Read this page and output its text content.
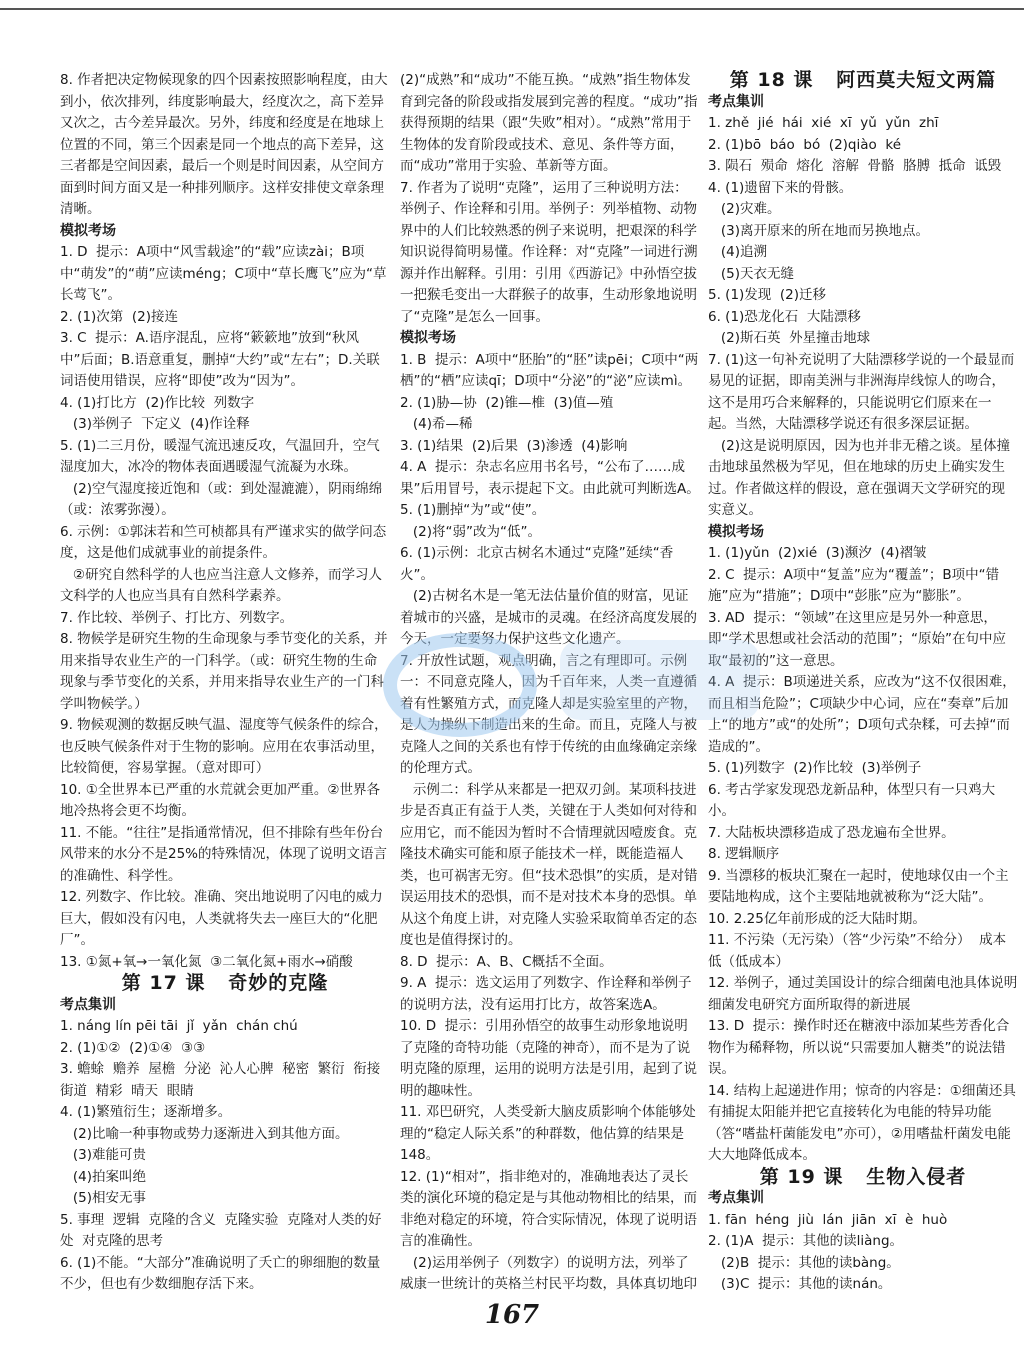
8. 作者把决定物候现象的四个因素按照影响程度，由大到小，依次排列，纬度影响最大，经度次之，高下差异又次之，古今差异最次。另外，纬度和经度是在地球上位置的不同，第三个因素是同一个地点的高下差异，这三者都是空间因素，最后一个则是时间因素，从空间方面到时间方面又是一种排列顺序。这样安排使文章条理清晰。

模拟考场

1. D  提示：A项中“风雪载途”的“载”应读zài；B项中“萌发”的“萌”应读méng；C项中“草长鹰飞”应为“草长莺飞”。

2. (1)次第  (2)接连

3. C  提示：A.语序混乱，应将“簌簌地”放到“秋风中”后面；B.语意重复，删掉“大约”或“左右”；D.关联词语使用错误，应将“即使”改为“因为”。

4. (1)打比方  (2)作比较  列数字

(3)举例子  下定义  (4)作诠释

5. (1)二三月份，暖湿气流迅速反攻，气温回升，空气湿度加大，冰冷的物体表面遇暖湿气流凝为水珠。

(2)空气湿度接近饱和（或：到处湿漉漉），阴雨绵绵（或：浓雾弥漫）。

6. 示例：①郭沫若和竺可桢都具有严谨求实的做学问态度，这是他们成就事业的前提条件。

②研究自然科学的人也应当注意人文修养，而学习人文科学的人也应当具有自然科学素养。

7. 作比较、举例子、打比方、列数字。

8. 物候学是研究生物的生命现象与季节变化的关系，并用来指导农业生产的一门科学。（或：研究生物的生命现象与季节变化的关系，并用来指导农业生产的一门科学叫物候学。）

9. 物候观测的数据反映气温、湿度等气候条件的综合，也反映气候条件对于生物的影响。应用在农事活动里，比较简便，容易掌握。（意对即可）

10. ①全世界本已严重的水荒就会更加严重。②世界各地冷热将会更不均衡。

11. 不能。“往往”是指通常情况，但不排除有些年份台风带来的水分不是25%的特殊情况，体现了说明文语言的准确性、科学性。

12. 列数字、作比较。准确、突出地说明了闪电的威力巨大，假如没有闪电，人类就将失去一座巨大的“化肥厂”。

13. ①氮+氧→一氧化氮  ③二氧化氮+雨水→硝酸

第 17 课   奇妙的克隆

考点集训

1. náng lín pēi tāi  jǐ  yǎn  chán chú

2. (1)①②  (2)①④  ③③

3. 蟾蜍  赡养  屋檐  分泌  沁人心脾  秘密  繁衍  衔接  街道  精彩  晴天  眼睛

4. (1)繁殖衍生；逐渐增多。

(2)比喻一种事物或势力逐渐进入到其他方面。

(3)难能可贵

(4)拍案叫绝

(5)相安无事

5. 事理  逻辑  克隆的含义  克隆实验  克隆对人类的好处  对克隆的思考

6. (1)不能。“大部分”准确说明了夭亡的卵细胞的数量不少，但也有少数细胞存活下来。

(2)“成熟”和“成功”不能互换。“成熟”指生物体发育到完备的阶段或指发展到完善的程度。“成功”指获得预期的结果（跟“失败”相对）。“成熟”常用于生物体的发育阶段或技术、意见、条件等方面，而“成功”常用于实验、革新等方面。

7. 作者为了说明“克隆”，运用了三种说明方法：举例子、作诠释和引用。举例子：列举植物、动物界中的人们比较熟悉的例子来说明，把艰深的科学知识说得简明易懂。作诠释：对“克隆”一词进行溯源并作出解释。引用：引用《西游记》中孙悟空拔一把猴毛变出一大群猴子的故事，生动形象地说明了“克隆”是怎么一回事。

模拟考场

1. B  提示：A项中“胚胎”的“胚”读pēi；C项中“两栖”的“栖”应读qī；D项中“分泌”的“泌”应读mì。

2. (1)胁—协  (2)锥—椎  (3)值—殖

(4)希—稀

3. (1)结果  (2)后果  (3)渗透  (4)影响

4. A  提示：杂志名应用书名号，“公布了……成果”后用冒号，表示提起下文。由此就可判断选A。

5. (1)删掉“为”或“使”。

(2)将“弱”改为“低”。

6. (1)示例：北京古树名木通过“克隆”延续“香火”。

(2)古树名木是一笔无法估量价值的财富，见证着城市的兴盛，是城市的灵魂。在经济高度发展的今天，一定要努力保护这些文化遗产。

7. 开放性试题，观点明确，言之有理即可。示例一：不同意克隆人，因为千百年来，人类一直遵循着有性繁殖方式，而克隆人却是实验室里的产物，是人为操纵下制造出来的生命。而且，克隆人与被克隆人之间的关系也有悖于传统的由血缘确定亲缘的伦理方式。

示例二：科学从来都是一把双刃剑。某项科技进步是否真正有益于人类，关键在于人类如何对待和应用它，而不能因为暂时不合情理就因噎废食。克隆技术确实可能和原子能技术一样，既能造福人类，也可祸害无穷。但“技术恐惧”的实质，是对错误运用技术的恐惧，而不是对技术本身的恐惧。单从这个角度上讲，对克隆人实验采取简单否定的态度也是值得探讨的。

8. D  提示：A、B、C概括不全面。

9. A  提示：选文运用了列数字、作诠释和举例子的说明方法，没有运用打比方，故答案选A。

10. D  提示：引用孙悟空的故事生动形象地说明了克隆的奇特功能（克隆的神奇），而不是为了说明克隆的原理，运用的说明方法是引用，起到了说明的趣味性。

11. 邓巴研究，人类受新大脑皮质影响个体能够处理的“稳定人际关系”的种群数，他估算的结果是148。

12. (1)“相对”，指非绝对的，准确地表达了灵长类的演化环境的稳定是与其他动物相比的结果，而非绝对稳定的环境，符合实际情况，体现了说明语言的准确性。

(2)运用举例子（列数字）的说明方法，列举了威康一世统计的英格兰村民平均数，具体真切地印

第 18 课   阿西莫夫短文两篇

考点集训

1. zhě  jié  hái  xié  xī  yǔ  yǔn  zhī

2. (1)bō  báo  bó  (2)qiào  ké

3. 陨石  殒命  熔化  溶解  骨骼  胳膊  抵命  诋毁

4. (1)遗留下来的骨骸。

(2)灾难。

(3)离开原来的所在地而另换地点。

(4)追溯

(5)天衣无缝

5. (1)发现  (2)迁移

6. (1)恐龙化石  大陆漂移

(2)斯石英  外星撞击地球

7. (1)这一句补充说明了大陆漂移学说的一个最显而易见的证据，即南美洲与非洲海岸线惊人的吻合，这不是用巧合来解释的，只能说明它们原来在一起。当然，大陆漂移学说还有很多深层证据。

(2)这是说明原因，因为也并非无稽之谈。星体撞击地球虽然极为罕见，但在地球的历史上确实发生过。作者做这样的假设，意在强调天文学研究的现实意义。

模拟考场

1. (1)yǔn  (2)xié  (3)濒汐  (4)褶皱

2. C  提示：A项中“复盖”应为“覆盖”；B项中“错施”应为“措施”；D项中“彭胀”应为“膨胀”。

3. AD  提示：“领域”在这里应是另外一种意思，即“学术思想或社会活动的范围”；“原始”在句中应取“最初的”这一意思。

4. A  提示：B项递进关系，应改为“这不仅很困难，而且相当危险”；C项缺少中心词，应在“奏章”后加上“的地方”或“的处所”；D项句式杂糅，可去掉“而造成的”。

5. (1)列数字  (2)作比较  (3)举例子

6. 考古学家发现恐龙新品种，体型只有一只鸡大小。

7. 大陆板块漂移造成了恐龙遍布全世界。

8. 逻辑顺序

9. 当漂移的板块汇聚在一起时，使地球仅由一个主要陆地构成，这个主要陆地就被称为“泛大陆”。

10. 2.25亿年前形成的泛大陆时期。

11. 不污染（无污染）（答“少污染”不给分）  成本低（低成本）

12. 举例子，通过美国设计的综合细菌电池具体说明细菌发电研究方面所取得的新进展

13. D  提示：操作时还在糖液中添加某些芳香化合物作为稀释物，所以说“只需要加人糖类”的说法错误。

14. 结构上起递进作用；惊奇的内容是：①细菌还具有捕捉太阳能并把它直接转化为电能的特异功能（答“嗜盐杆菌能发电”亦可），②用嗜盐杆菌发电能大大地降低成本。

第 19 课   生物入侵者

考点集训

1. fān  héng  jiù  lán  jiān  xī  è  huò

2. (1)A  提示：其他的读liàng。

(2)B  提示：其他的读bàng。

(3)C  提示：其他的读nán。

167
